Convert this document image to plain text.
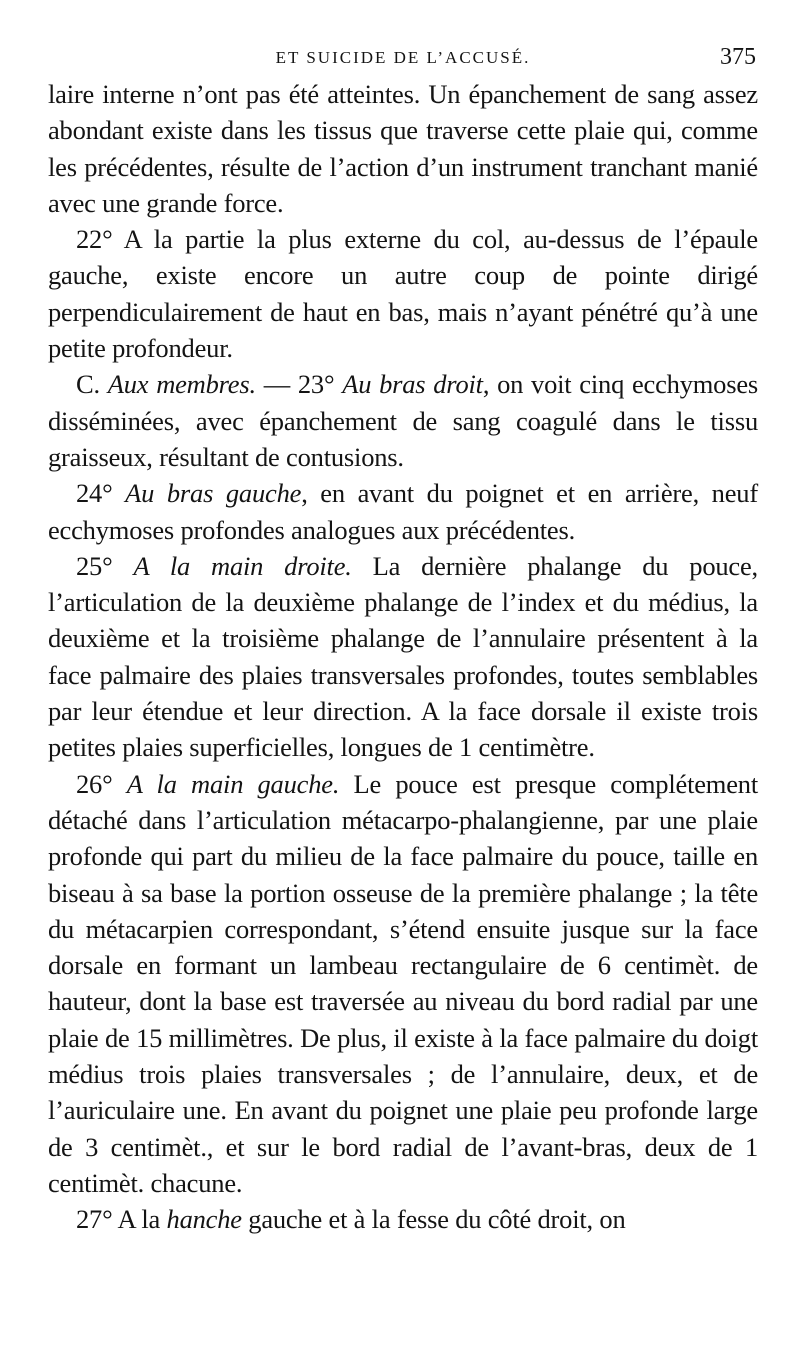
ET SUICIDE DE L’ACCUSÉ.	375

laire interne n’ont pas été atteintes. Un épanchement de sang assez abondant existe dans les tissus que traverse cette plaie qui, comme les précédentes, résulte de l’action d’un instrument tranchant manié avec une grande force.

22° A la partie la plus externe du col, au-dessus de l’épaule gauche, existe encore un autre coup de pointe dirigé perpendiculairement de haut en bas, mais n’ayant pénétré qu’à une petite profondeur.

C. Aux membres. — 23° Au bras droit, on voit cinq ecchymoses disséminées, avec épanchement de sang coagulé dans le tissu graisseux, résultant de contusions.

24° Au bras gauche, en avant du poignet et en arrière, neuf ecchymoses profondes analogues aux précédentes.

25° A la main droite. La dernière phalange du pouce, l’articulation de la deuxième phalange de l’index et du médius, la deuxième et la troisième phalange de l’annulaire présentent à la face palmaire des plaies transversales profondes, toutes semblables par leur étendue et leur direction. A la face dorsale il existe trois petites plaies superficielles, longues de 1 centimètre.

26° A la main gauche. Le pouce est presque complétement détaché dans l’articulation métacarpo-phalangienne, par une plaie profonde qui part du milieu de la face palmaire du pouce, taille en biseau à sa base la portion osseuse de la première phalange ; la tête du métacarpien correspondant, s’étend ensuite jusque sur la face dorsale en formant un lambeau rectangulaire de 6 centimèt. de hauteur, dont la base est traversée au niveau du bord radial par une plaie de 15 millimètres. De plus, il existe à la face palmaire du doigt médius trois plaies transversales ; de l’annulaire, deux, et de l’auriculaire une. En avant du poignet une plaie peu profonde large de 3 centimèt., et sur le bord radial de l’avant-bras, deux de 1 centimèt. chacune.

27° A la hanche gauche et à la fesse du côté droit, on
